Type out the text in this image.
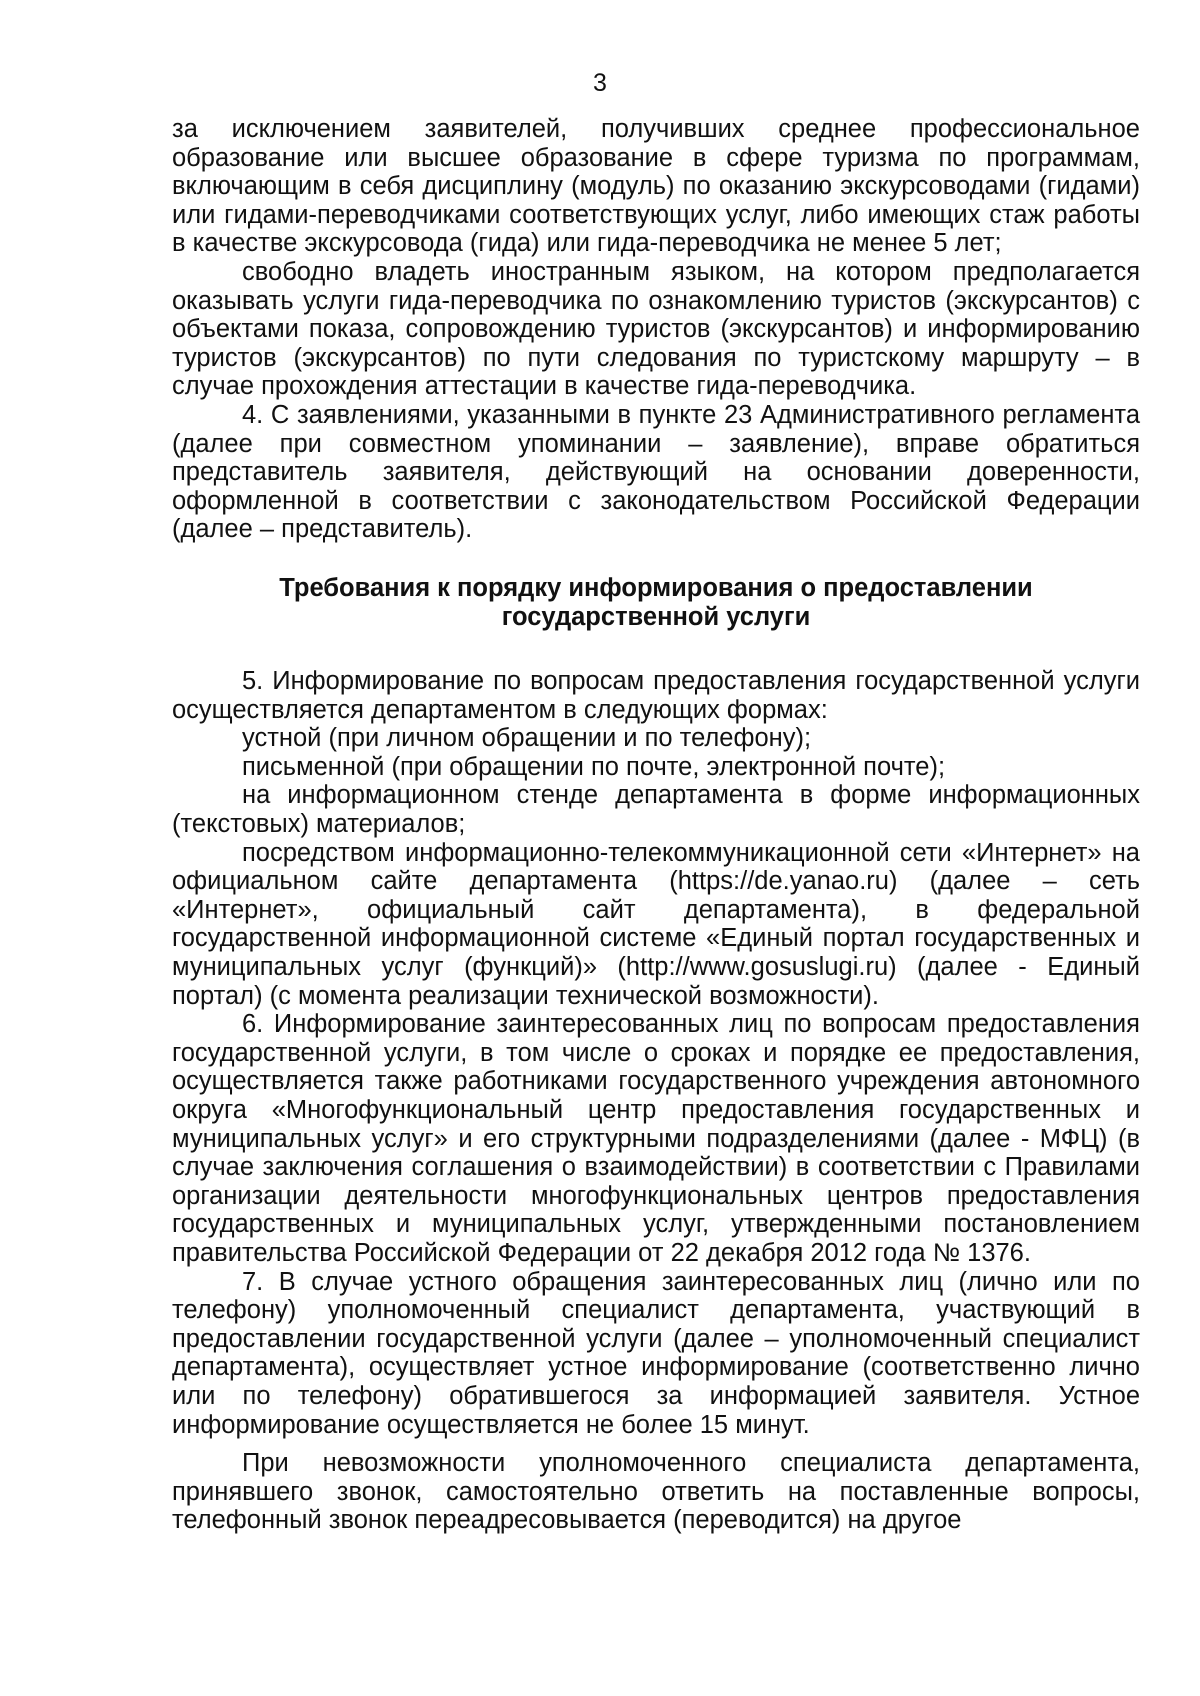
3

за исключением заявителей, получивших среднее профессиональное образование или высшее образование в сфере туризма по программам, включающим в себя дисциплину (модуль) по оказанию экскурсоводами (гидами) или гидами-переводчиками соответствующих услуг, либо имеющих стаж работы в качестве экскурсовода (гида) или гида-переводчика не менее 5 лет;

свободно владеть иностранным языком, на котором предполагается оказывать услуги гида-переводчика по ознакомлению туристов (экскурсантов) с объектами показа, сопровождению туристов (экскурсантов) и информированию туристов (экскурсантов) по пути следования по туристскому маршруту – в случае прохождения аттестации в качестве гида-переводчика.

4. С заявлениями, указанными в пункте 23 Административного регламента (далее при совместном упоминании – заявление), вправе обратиться представитель заявителя, действующий на основании доверенности, оформленной в соответствии с законодательством Российской Федерации (далее – представитель).

Требования к порядку информирования о предоставлении
государственной услуги

5. Информирование по вопросам предоставления государственной услуги осуществляется департаментом в следующих формах:

устной (при личном обращении и по телефону);

письменной (при обращении по почте, электронной почте);

на информационном стенде департамента в форме информационных (текстовых) материалов;

посредством информационно-телекоммуникационной сети «Интернет» на официальном сайте департамента (https://de.yanao.ru) (далее – сеть «Интернет», официальный сайт департамента), в федеральной государственной информационной системе «Единый портал государственных и муниципальных услуг (функций)» (http://www.gosuslugi.ru) (далее - Единый портал) (с момента реализации технической возможности).

6. Информирование заинтересованных лиц по вопросам предоставления государственной услуги, в том числе о сроках и порядке ее предоставления, осуществляется также работниками государственного учреждения автономного округа «Многофункциональный центр предоставления государственных и муниципальных услуг» и его структурными подразделениями (далее - МФЦ) (в случае заключения соглашения о взаимодействии) в соответствии с Правилами организации деятельности многофункциональных центров предоставления государственных и муниципальных услуг, утвержденными постановлением правительства Российской Федерации от 22 декабря 2012 года № 1376.

7. В случае устного обращения заинтересованных лиц (лично или по телефону) уполномоченный специалист департамента, участвующий в предоставлении государственной услуги (далее – уполномоченный специалист департамента), осуществляет устное информирование (соответственно лично или по телефону) обратившегося за информацией заявителя. Устное информирование осуществляется не более 15 минут.

При невозможности уполномоченного специалиста департамента, принявшего звонок, самостоятельно ответить на поставленные вопросы, телефонный звонок переадресовывается (переводится) на другое
